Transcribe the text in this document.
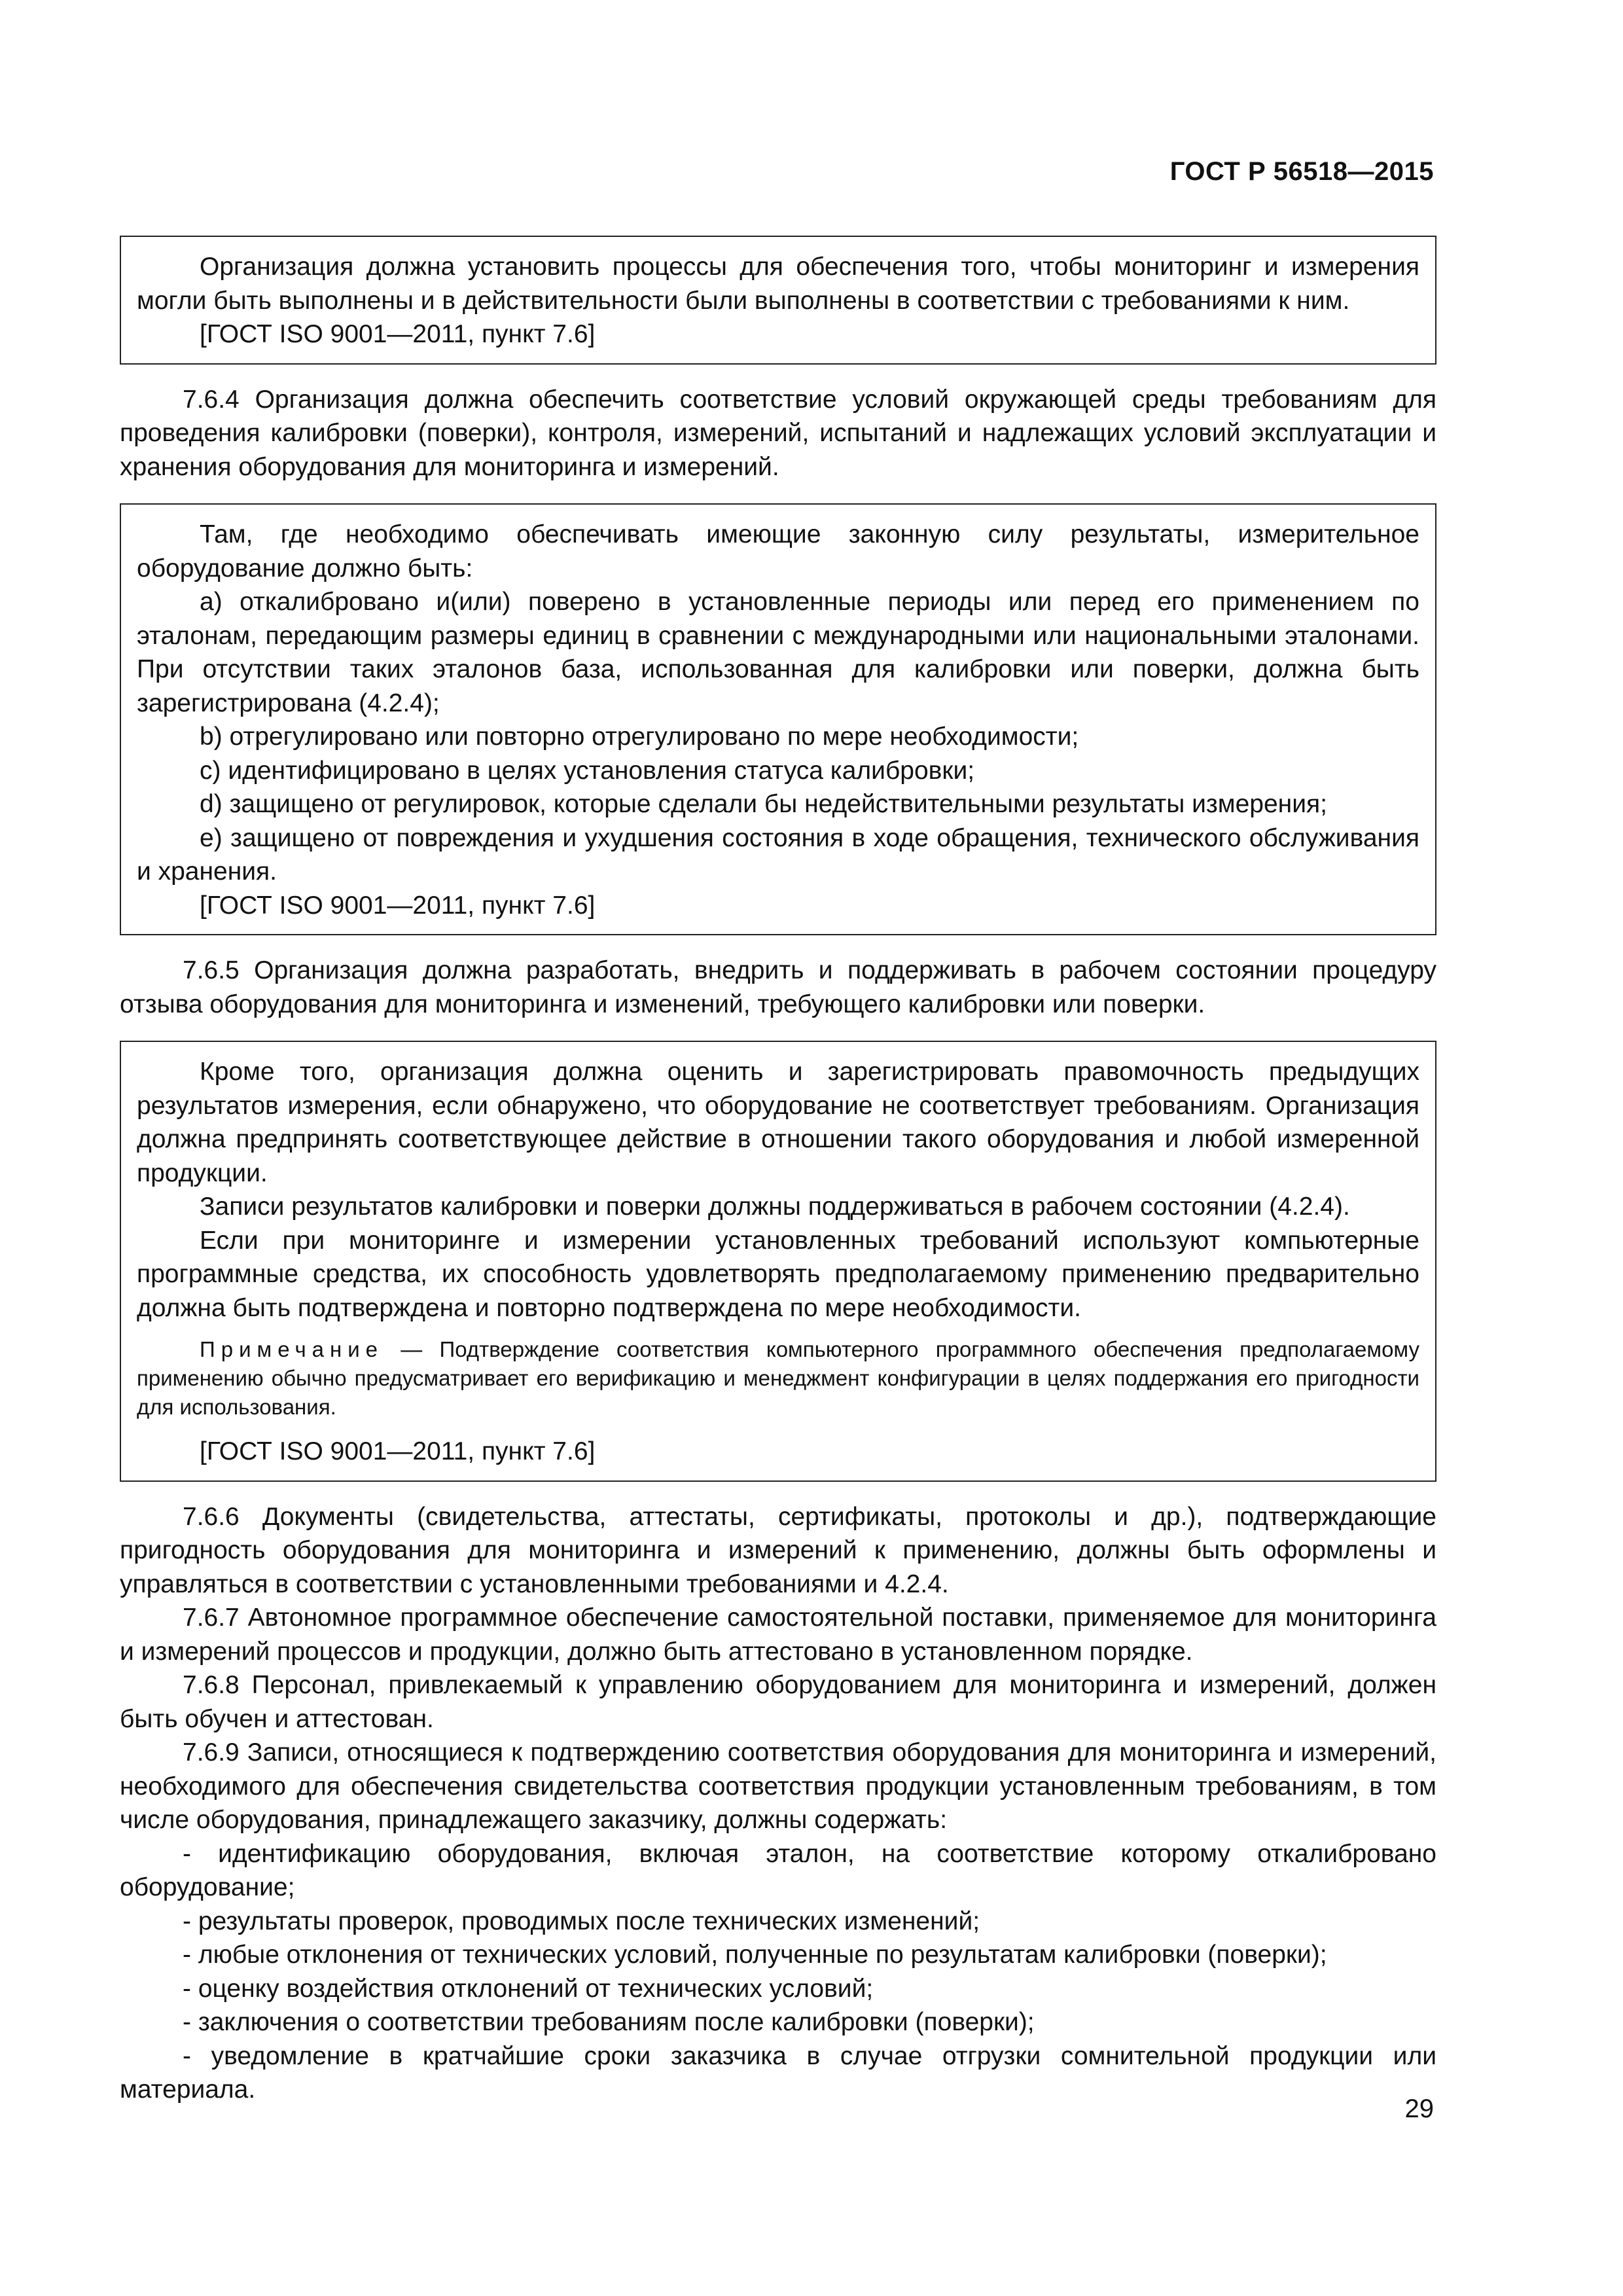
ГОСТ Р 56518—2015

Организация должна установить процессы для обеспечения того, чтобы мониторинг и измерения могли быть выполнены и в действительности были выполнены в соответствии с требованиями к ним.

[ГОСТ ISO 9001—2011, пункт 7.6]

7.6.4 Организация должна обеспечить соответствие условий окружающей среды требованиям для проведения калибровки (поверки), контроля, измерений, испытаний и надлежащих условий эксплуатации и хранения оборудования для мониторинга и измерений.

Там, где необходимо обеспечивать имеющие законную силу результаты, измерительное оборудование должно быть:

а) откалибровано и(или) поверено в установленные периоды или перед его применением по эталонам, передающим размеры единиц в сравнении с международными или национальными эталонами. При отсутствии таких эталонов база, использованная для калибровки или поверки, должна быть зарегистрирована (4.2.4);

b) отрегулировано или повторно отрегулировано по мере необходимости;

c) идентифицировано в целях установления статуса калибровки;

d) защищено от регулировок, которые сделали бы недействительными результаты измерения;

e) защищено от повреждения и ухудшения состояния в ходе обращения, технического обслуживания и хранения.

[ГОСТ ISO 9001—2011, пункт 7.6]

7.6.5 Организация должна разработать, внедрить и поддерживать в рабочем состоянии процедуру отзыва оборудования для мониторинга и изменений, требующего калибровки или поверки.

Кроме того, организация должна оценить и зарегистрировать правомочность предыдущих результатов измерения, если обнаружено, что оборудование не соответствует требованиям. Организация должна предпринять соответствующее действие в отношении такого оборудования и любой измеренной продукции.

Записи результатов калибровки и поверки должны поддерживаться в рабочем состоянии (4.2.4).

Если при мониторинге и измерении установленных требований используют компьютерные программные средства, их способность удовлетворять предполагаемому применению предварительно должна быть подтверждена и повторно подтверждена по мере необходимости.

Примечание — Подтверждение соответствия компьютерного программного обеспечения предполагаемому применению обычно предусматривает его верификацию и менеджмент конфигурации в целях поддержания его пригодности для использования.

[ГОСТ ISO 9001—2011, пункт 7.6]

7.6.6 Документы (свидетельства, аттестаты, сертификаты, протоколы и др.), подтверждающие пригодность оборудования для мониторинга и измерений к применению, должны быть оформлены и управляться в соответствии с установленными требованиями и 4.2.4.

7.6.7 Автономное программное обеспечение самостоятельной поставки, применяемое для мониторинга и измерений процессов и продукции, должно быть аттестовано в установленном порядке.

7.6.8 Персонал, привлекаемый к управлению оборудованием для мониторинга и измерений, должен быть обучен и аттестован.

7.6.9 Записи, относящиеся к подтверждению соответствия оборудования для мониторинга и измерений, необходимого для обеспечения свидетельства соответствия продукции установленным требованиям, в том числе оборудования, принадлежащего заказчику, должны содержать:

- идентификацию оборудования, включая эталон, на соответствие которому откалибровано оборудование;

- результаты проверок, проводимых после технических изменений;

- любые отклонения от технических условий, полученные по результатам калибровки (поверки);

- оценку воздействия отклонений от технических условий;

- заключения о соответствии требованиям после калибровки (поверки);

- уведомление в кратчайшие сроки заказчика в случае отгрузки сомнительной продукции или материала.

29
